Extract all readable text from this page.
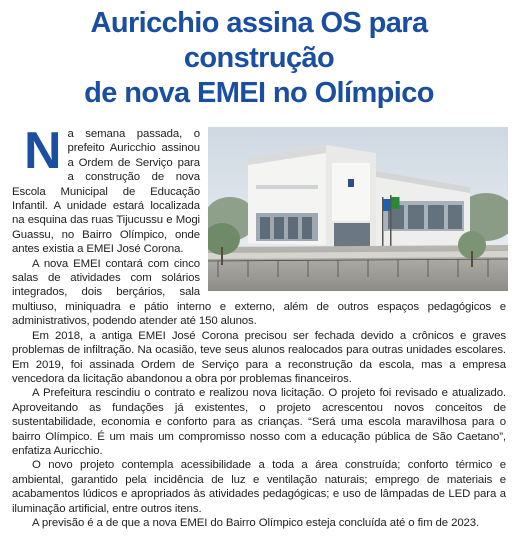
Auricchio assina OS para construção
de nova EMEI no Olímpico

Na semana passada, o prefeito Auricchio assinou a Ordem de Serviço para a construção de nova Escola Municipal de Educação Infantil. A unidade estará localizada na esquina das ruas Tijucussu e Mogi Guassu, no Bairro Olímpico, onde antes existia a EMEI José Corona.

A nova EMEI contará com cinco salas de atividades com solários integrados, dois berçários, sala multiuso, miniquadra e pátio interno e externo, além de outros espaços pedagógicos e administrativos, podendo atender até 150 alunos.

Em 2018, a antiga EMEI José Corona precisou ser fechada devido a crônicos e graves problemas de infiltração. Na ocasião, teve seus alunos realocados para outras unidades escolares. Em 2019, foi assinada Ordem de Serviço para a reconstrução da escola, mas a empresa vencedora da licitação abandonou a obra por problemas financeiros.

A Prefeitura rescindiu o contrato e realizou nova licitação. O projeto foi revisado e atualizado. Aproveitando as fundações já existentes, o projeto acrescentou novos conceitos de sustentabilidade, economia e conforto para as crianças. “Será uma escola maravilhosa para o bairro Olímpico. É um mais um compromisso nosso com a educação pública de São Caetano”, enfatiza Auricchio.

O novo projeto contempla acessibilidade a toda a área construída; conforto térmico e ambiental, garantido pela incidência de luz e ventilação naturais; emprego de materiais e acabamentos lúdicos e apropriados às atividades pedagógicas; e uso de lâmpadas de LED para a iluminação artificial, entre outros itens.

A previsão é a de que a nova EMEI do Bairro Olímpico esteja concluída até o fim de 2023.
